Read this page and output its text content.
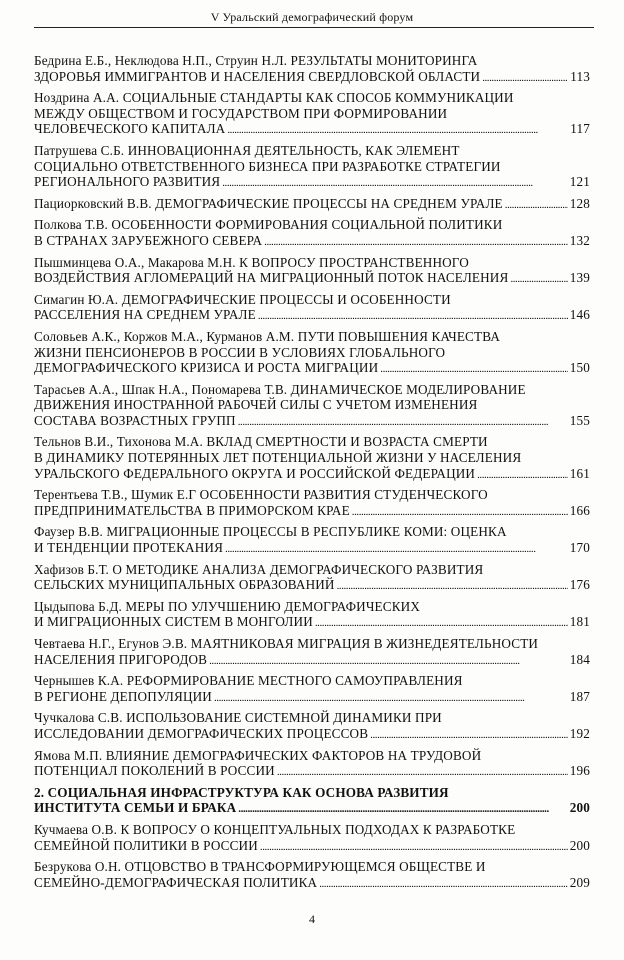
V Уральский демографический форум
Бедрина Е.Б., Неклюдова Н.П., Струин Н.Л. РЕЗУЛЬТАТЫ МОНИТОРИНГА
ЗДОРОВЬЯ ИММИГРАНТОВ И НАСЕЛЕНИЯ СВЕРДЛОВСКОЙ ОБЛАСТИ . . .	113
Ноздрина А.А. СОЦИАЛЬНЫЕ СТАНДАРТЫ КАК СПОСОБ КОММУНИКАЦИИ
МЕЖДУ ОБЩЕСТВОМ И ГОСУДАРСТВОМ ПРИ ФОРМИРОВАНИИ
ЧЕЛОВЕЧЕСКОГО КАПИТАЛА . . .	117
Патрушева С.Б. ИННОВАЦИОННАЯ ДЕЯТЕЛЬНОСТЬ, КАК ЭЛЕМЕНТ
СОЦИАЛЬНО ОТВЕТСТВЕННОГО БИЗНЕСА ПРИ РАЗРАБОТКЕ СТРАТЕГИИ
РЕГИОНАЛЬНОГО РАЗВИТИЯ . . .	121
Пациорковский В.В. ДЕМОГРАФИЧЕСКИЕ ПРОЦЕССЫ НА СРЕДНЕМ УРАЛЕ . . .	128
Полкова Т.В. ОСОБЕННОСТИ ФОРМИРОВАНИЯ СОЦИАЛЬНОЙ ПОЛИТИКИ
В СТРАНАХ ЗАРУБЕЖНОГО СЕВЕРА . . .	132
Пышминцева О.А., Макарова М.Н. К ВОПРОСУ ПРОСТРАНСТВЕННОГО
ВОЗДЕЙСТВИЯ АГЛОМЕРАЦИЙ НА МИГРАЦИОННЫЙ ПОТОК НАСЕЛЕНИЯ . . .	139
Симагин Ю.А. ДЕМОГРАФИЧЕСКИЕ ПРОЦЕССЫ И ОСОБЕННОСТИ
РАССЕЛЕНИЯ НА СРЕДНЕМ УРАЛЕ . . .	146
Соловьев А.К., Коржов М.А., Курманов А.М. ПУТИ ПОВЫШЕНИЯ КАЧЕСТВА
ЖИЗНИ ПЕНСИОНЕРОВ В РОССИИ В УСЛОВИЯХ ГЛОБАЛЬНОГО
ДЕМОГРАФИЧЕСКОГО КРИЗИСА И РОСТА МИГРАЦИИ . . .	150
Тарасьев А.А., Шпак Н.А., Пономарева Т.В. ДИНАМИЧЕСКОЕ МОДЕЛИРОВАНИЕ
ДВИЖЕНИЯ ИНОСТРАННОЙ РАБОЧЕЙ СИЛЫ С УЧЕТОМ ИЗМЕНЕНИЯ
СОСТАВА ВОЗРАСТНЫХ ГРУПП . . .	155
Тельнов В.И., Тихонова М.А. ВКЛАД СМЕРТНОСТИ И ВОЗРАСТА СМЕРТИ
В ДИНАМИКУ ПОТЕРЯННЫХ ЛЕТ ПОТЕНЦИАЛЬНОЙ ЖИЗНИ У НАСЕЛЕНИЯ
УРАЛЬСКОГО ФЕДЕРАЛЬНОГО ОКРУГА И РОССИЙСКОЙ ФЕДЕРАЦИИ . . .	161
Терентьева Т.В., Шумик Е.Г ОСОБЕННОСТИ РАЗВИТИЯ СТУДЕНЧЕСКОГО
ПРЕДПРИНИМАТЕЛЬСТВА В ПРИМОРСКОМ КРАЕ . . .	166
Фаузер В.В. МИГРАЦИОННЫЕ ПРОЦЕССЫ В РЕСПУБЛИКЕ КОМИ: ОЦЕНКА
И ТЕНДЕНЦИИ ПРОТЕКАНИЯ . . .	170
Хафизов Б.Т. О МЕТОДИКЕ АНАЛИЗА ДЕМОГРАФИЧЕСКОГО РАЗВИТИЯ
СЕЛЬСКИХ МУНИЦИПАЛЬНЫХ ОБРАЗОВАНИЙ . . .	176
Цыдыпова Б.Д. МЕРЫ ПО УЛУЧШЕНИЮ ДЕМОГРАФИЧЕСКИХ
И МИГРАЦИОННЫХ СИСТЕМ В МОНГОЛИИ . . .	181
Чевтаева Н.Г., Егунов Э.В. МАЯТНИКОВАЯ МИГРАЦИЯ В ЖИЗНЕДЕЯТЕЛЬНОСТИ
НАСЕЛЕНИЯ ПРИГОРОДОВ . . .	184
Чернышев К.А. РЕФОРМИРОВАНИЕ МЕСТНОГО САМОУПРАВЛЕНИЯ
В РЕГИОНЕ ДЕПОПУЛЯЦИИ . . .	187
Чучкалова С.В. ИСПОЛЬЗОВАНИЕ СИСТЕМНОЙ ДИНАМИКИ ПРИ
ИССЛЕДОВАНИИ ДЕМОГРАФИЧЕСКИХ ПРОЦЕССОВ . . .	192
Ямова М.П. ВЛИЯНИЕ ДЕМОГРАФИЧЕСКИХ ФАКТОРОВ НА ТРУДОВОЙ
ПОТЕНЦИАЛ ПОКОЛЕНИЙ В РОССИИ . . .	196
2. СОЦИАЛЬНАЯ ИНФРАСТРУКТУРА КАК ОСНОВА РАЗВИТИЯ
ИНСТИТУТА СЕМЬИ И БРАКА . . .	200
Кучмаева О.В. К ВОПРОСУ О КОНЦЕПТУАЛЬНЫХ ПОДХОДАХ К РАЗРАБОТКЕ
СЕМЕЙНОЙ ПОЛИТИКИ В РОССИИ . . .	200
Безрукова О.Н. ОТЦОВСТВО В ТРАНСФОРМИРУЮЩЕМСЯ ОБЩЕСТВЕ И
СЕМЕЙНО-ДЕМОГРАФИЧЕСКАЯ ПОЛИТИКА . . .	209
4
